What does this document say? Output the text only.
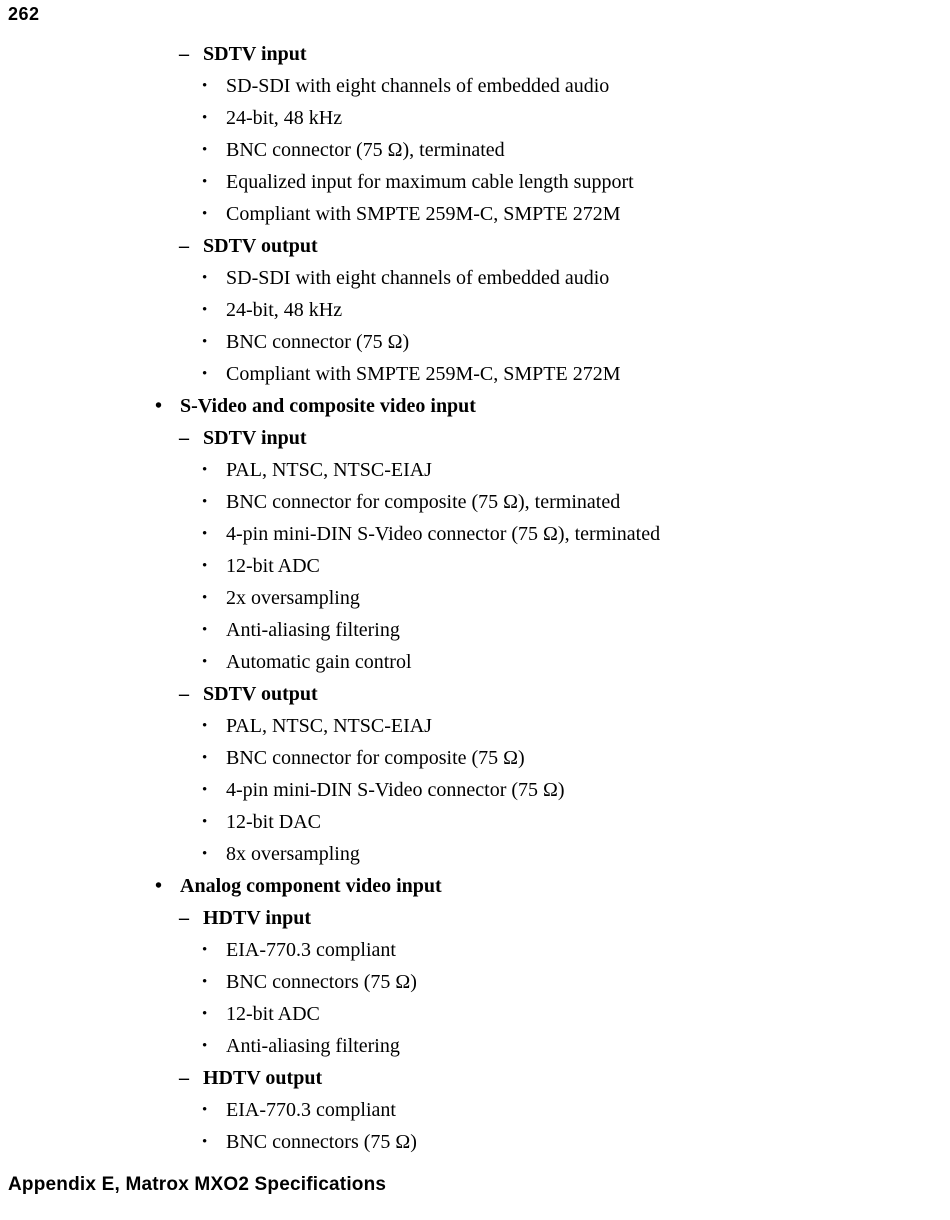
262
– SDTV input
• SD-SDI with eight channels of embedded audio
• 24-bit, 48 kHz
• BNC connector (75 Ω), terminated
• Equalized input for maximum cable length support
• Compliant with SMPTE 259M-C, SMPTE 272M
– SDTV output
• SD-SDI with eight channels of embedded audio
• 24-bit, 48 kHz
• BNC connector (75 Ω)
• Compliant with SMPTE 259M-C, SMPTE 272M
• S-Video and composite video input
– SDTV input
• PAL, NTSC, NTSC-EIAJ
• BNC connector for composite (75 Ω), terminated
• 4-pin mini-DIN S-Video connector (75 Ω), terminated
• 12-bit ADC
• 2x oversampling
• Anti-aliasing filtering
• Automatic gain control
– SDTV output
• PAL, NTSC, NTSC-EIAJ
• BNC connector for composite (75 Ω)
• 4-pin mini-DIN S-Video connector (75 Ω)
• 12-bit DAC
• 8x oversampling
• Analog component video input
– HDTV input
• EIA-770.3 compliant
• BNC connectors (75 Ω)
• 12-bit ADC
• Anti-aliasing filtering
– HDTV output
• EIA-770.3 compliant
• BNC connectors (75 Ω)
Appendix E, Matrox MXO2 Specifications
